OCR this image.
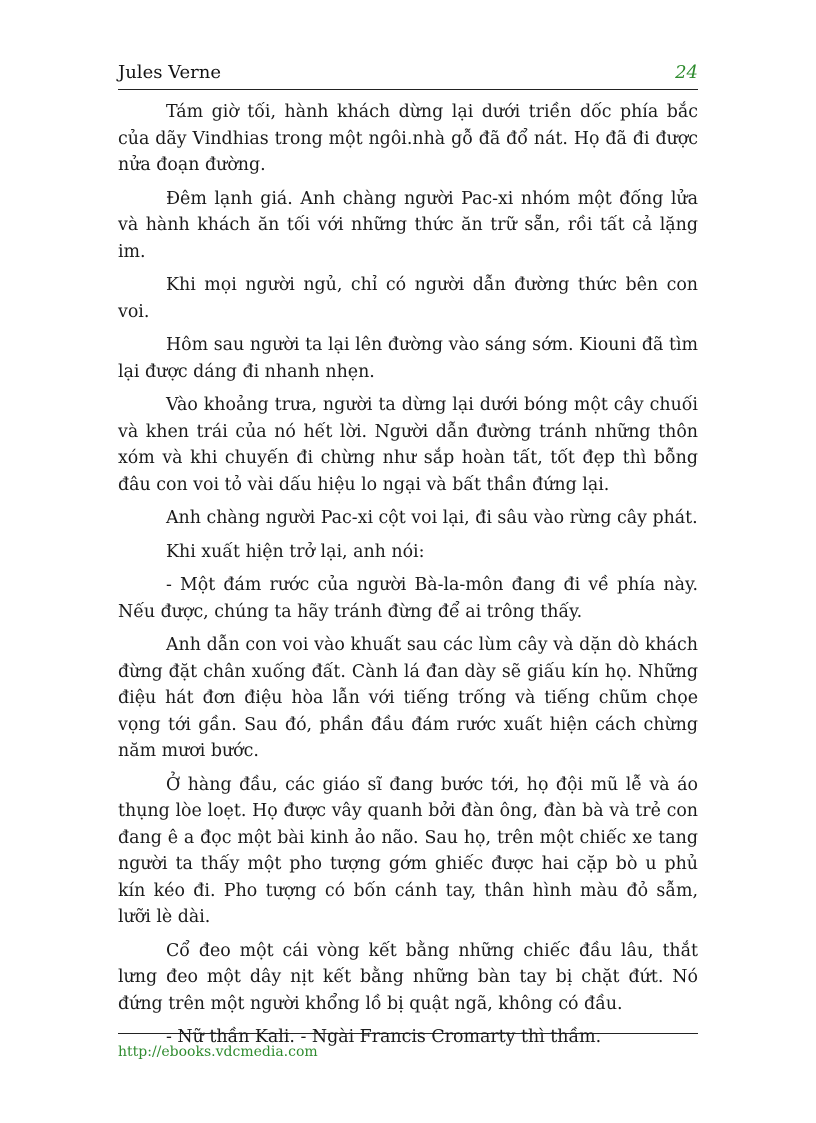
Jules Verne	24

Tám giờ tối, hành khách dừng lại dưới triền dốc phía bắc của dãy Vindhias trong một ngôi.nhà gỗ đã đổ nát. Họ đã đi được nửa đoạn đường.

Đêm lạnh giá. Anh chàng người Pac-xi nhóm một đống lửa và hành khách ăn tối với những thức ăn trữ sẵn, rồi tất cả lặng im.

Khi mọi người ngủ, chỉ có người dẫn đường thức bên con voi.

Hôm sau người ta lại lên đường vào sáng sớm. Kiouni đã tìm lại được dáng đi nhanh nhẹn.

Vào khoảng trưa, người ta dừng lại dưới bóng một cây chuối và khen trái của nó hết lời. Người dẫn đường tránh những thôn xóm và khi chuyến đi chừng như sắp hoàn tất, tốt đẹp thì bỗng đâu con voi tỏ vài dấu hiệu lo ngại và bất thần đứng lại.

Anh chàng người Pac-xi cột voi lại, đi sâu vào rừng cây phát.

Khi xuất hiện trở lại, anh nói:

- Một đám rước của người Bà-la-môn đang đi về phía này. Nếu được, chúng ta hãy tránh đừng để ai trông thấy.

Anh dẫn con voi vào khuất sau các lùm cây và dặn dò khách đừng đặt chân xuống đất. Cành lá đan dày sẽ giấu kín họ. Những điệu hát đơn điệu hòa lẫn với tiếng trống và tiếng chũm chọe vọng tới gần. Sau đó, phần đầu đám rước xuất hiện cách chừng năm mươi bước.

Ở hàng đầu, các giáo sĩ đang bước tới, họ đội mũ lễ và áo thụng lòe loẹt. Họ được vây quanh bởi đàn ông, đàn bà và trẻ con đang ê a đọc một bài kinh ảo não. Sau họ, trên một chiếc xe tang người ta thấy một pho tượng gớm ghiếc được hai cặp bò u phủ kín kéo đi. Pho tượng có bốn cánh tay, thân hình màu đỏ sẫm, lưỡi lè dài.

Cổ đeo một cái vòng kết bằng những chiếc đầu lâu, thắt lưng đeo một dây nịt kết bằng những bàn tay bị chặt đứt. Nó đứng trên một người khổng lồ bị quật ngã, không có đầu.

- Nữ thần Kali. - Ngài Francis Cromarty thì thầm.

http://ebooks.vdcmedia.com
